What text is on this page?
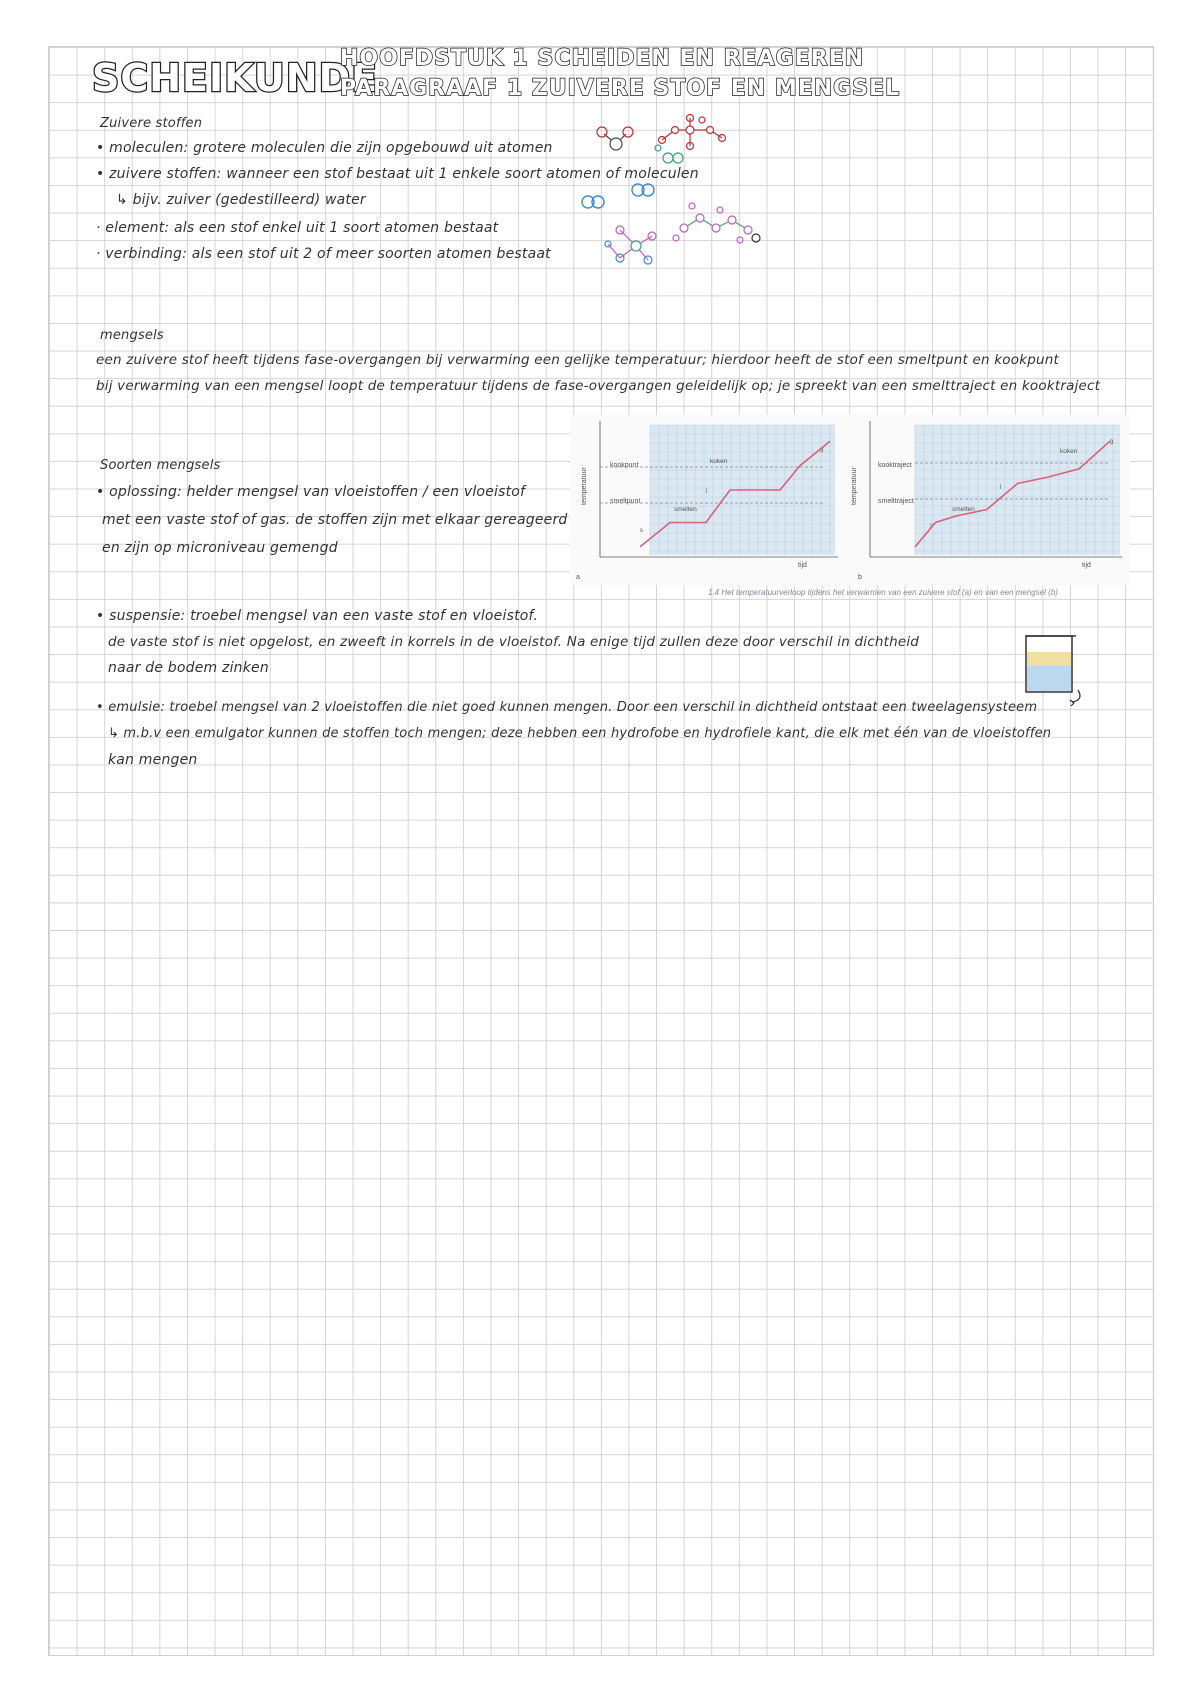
SCHEIKUNDE
HOOFDSTUK 1 SCHEIDEN EN REAGEREN
PARAGRAAF 1 ZUIVERE STOF EN MENGSEL
Zuivere stoffen
• moleculen: grotere moleculen die zijn opgebouwd uit atomen
• zuivere stoffen: wanneer een stof bestaat uit 1 enkele soort atomen of moleculen
↳ bijv. zuiver (gedestilleerd) water
· element: als een stof enkel uit 1 soort atomen bestaat
· verbinding: als een stof uit 2 of meer soorten atomen bestaat
mengsels
een zuivere stof heeft tijdens fase-overgangen bij verwarming een gelijke temperatuur; hierdoor heeft de stof een smeltpunt en kookpunt
bij verwarming van een mengsel loopt de temperatuur tijdens de fase-overgangen geleidelijk op; je spreekt van een smelttraject en kooktraject
Soorten mengsels
• oplossing: helder mengsel van vloeistoffen / een vloeistof
met een vaste stof of gas. de stoffen zijn met elkaar gereageerd
en zijn op microniveau gemengd
temperatuur
tijd
kookpunt
smeltpunt
koken
smelten
s
l
g
a
temperatuur
tijd
kooktraject
smelttraject
koken
smelten
s
l
g
b
1.4 Het temperatuurverloop tijdens het verwarmen van een zuivere stof (a) en van een mengsel (b)
• suspensie: troebel mengsel van een vaste stof en vloeistof.
de vaste stof is niet opgelost, en zweeft in korrels in de vloeistof. Na enige tijd zullen deze door verschil in dichtheid
naar de bodem zinken
• emulsie: troebel mengsel van 2 vloeistoffen die niet goed kunnen mengen. Door een verschil in dichtheid ontstaat een tweelagensysteem
↳ m.b.v een emulgator kunnen de stoffen toch mengen; deze hebben een hydrofobe en hydrofiele kant, die elk met één van de vloeistoffen
kan mengen
